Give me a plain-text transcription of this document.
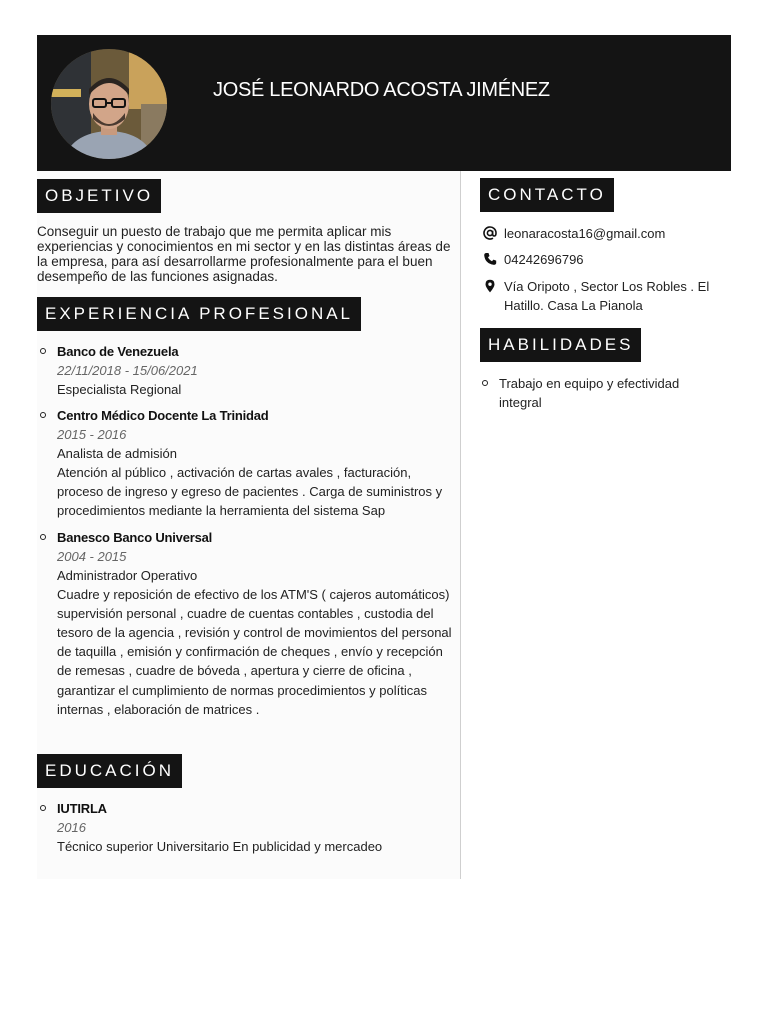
JOSÉ LEONARDO ACOSTA JIMÉNEZ
OBJETIVO
Conseguir un puesto de trabajo que me permita aplicar mis experiencias y conocimientos en mi sector y en las distintas áreas de la empresa, para así desarrollarme profesionalmente para el buen desempeño de las funciones asignadas.
EXPERIENCIA PROFESIONAL
Banco de Venezuela
22/11/2018 - 15/06/2021
Especialista Regional
Centro Médico Docente La Trinidad
2015 - 2016
Analista de admisión
Atención al público , activación de cartas avales , facturación, proceso de ingreso y egreso de pacientes . Carga de suministros y procedimientos mediante la herramienta del sistema Sap
Banesco Banco Universal
2004 - 2015
Administrador Operativo
Cuadre y reposición de efectivo de los ATM'S ( cajeros automáticos) supervisión personal , cuadre de cuentas contables , custodia del tesoro de la agencia , revisión y control de movimientos del personal de taquilla , emisión y confirmación de cheques , envío y recepción de remesas , cuadre de bóveda , apertura y cierre de oficina , garantizar el cumplimiento de normas procedimientos y políticas internas , elaboración de matrices .
EDUCACIÓN
IUTIRLA
2016
Técnico superior Universitario En publicidad y mercadeo
CONTACTO
leonaracosta16@gmail.com
04242696796
Vía Oripoto , Sector Los Robles . El Hatillo. Casa La Pianola
HABILIDADES
Trabajo en equipo y efectividad integral
